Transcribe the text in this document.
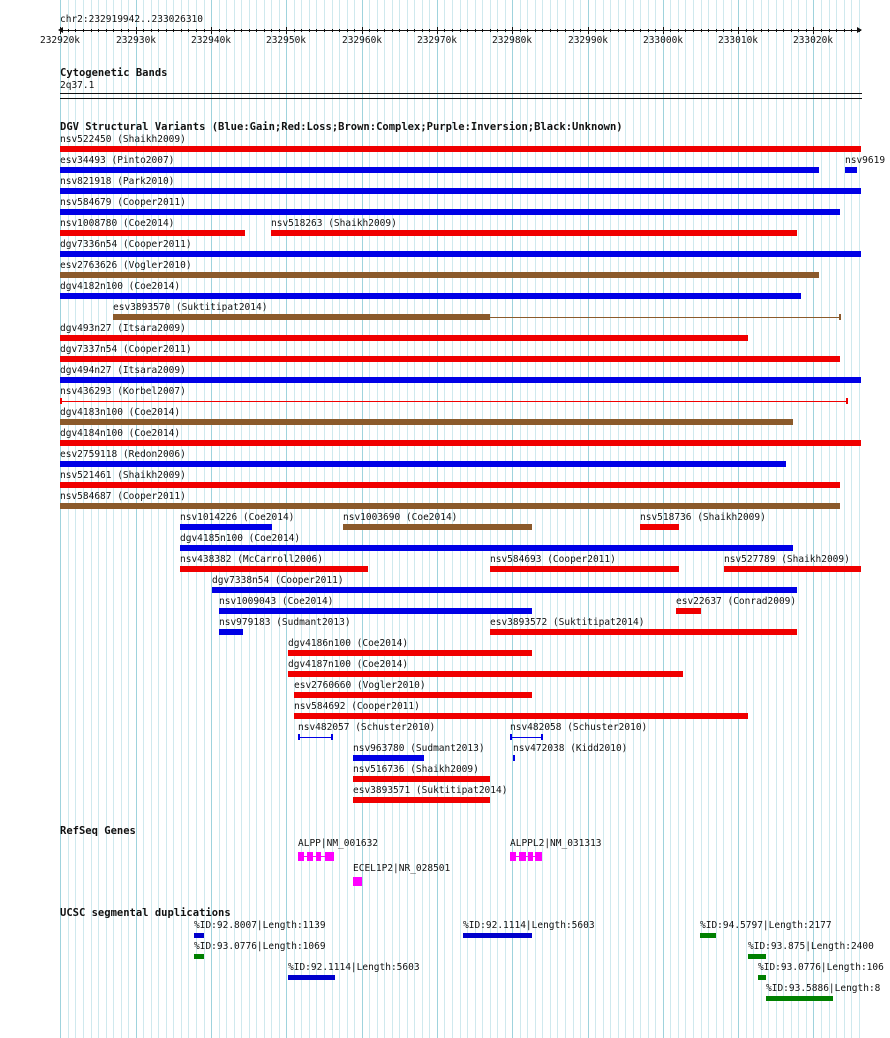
chr2:232919942..233026310
232920k	232930k	232940k	232950k	232960k	232970k	232980k	232990k	233000k	233010k	233020k
Cytogenetic Bands
2q37.1
DGV Structural Variants (Blue:Gain;Red:Loss;Brown:Complex;Purple:Inversion;Black:Unknown)
RefSeq Genes
UCSC segmental duplications
nsv522450 (Shaikh2009)
esv34493 (Pinto2007)	nsv9619
nsv821918 (Park2010)
nsv584679 (Cooper2011)
nsv1008780 (Coe2014)	nsv518263 (Shaikh2009)
dgv7336n54 (Cooper2011)
esv2763626 (Vogler2010)
dgv4182n100 (Coe2014)
esv3893570 (Suktitipat2014)
dgv493n27 (Itsara2009)
dgv7337n54 (Cooper2011)
dgv494n27 (Itsara2009)
nsv436293 (Korbel2007)
dgv4183n100 (Coe2014)
dgv4184n100 (Coe2014)
esv2759118 (Redon2006)
nsv521461 (Shaikh2009)
nsv584687 (Cooper2011)
nsv1014226 (Coe2014)	nsv1003690 (Coe2014)	nsv518736 (Shaikh2009)
dgv4185n100 (Coe2014)
nsv438382 (McCarroll2006)	nsv584693 (Cooper2011)	nsv527789 (Shaikh2009)
dgv7338n54 (Cooper2011)
nsv1009043 (Coe2014)	esv22637 (Conrad2009)
nsv979183 (Sudmant2013)	esv3893572 (Suktitipat2014)
dgv4186n100 (Coe2014)
dgv4187n100 (Coe2014)
esv2760660 (Vogler2010)
nsv584692 (Cooper2011)
nsv482057 (Schuster2010)	nsv482058 (Schuster2010)
nsv963780 (Sudmant2013)	nsv472038 (Kidd2010)
nsv516736 (Shaikh2009)
esv3893571 (Suktitipat2014)
ALPP|NM_001632	ALPPL2|NM_031313
ECEL1P2|NR_028501
%ID:92.8007|Length:1139	%ID:92.1114|Length:5603	%ID:94.5797|Length:2177
%ID:93.0776|Length:1069	%ID:93.875|Length:2400
%ID:92.1114|Length:5603	%ID:93.0776|Length:106
%ID:93.5886|Length:8
